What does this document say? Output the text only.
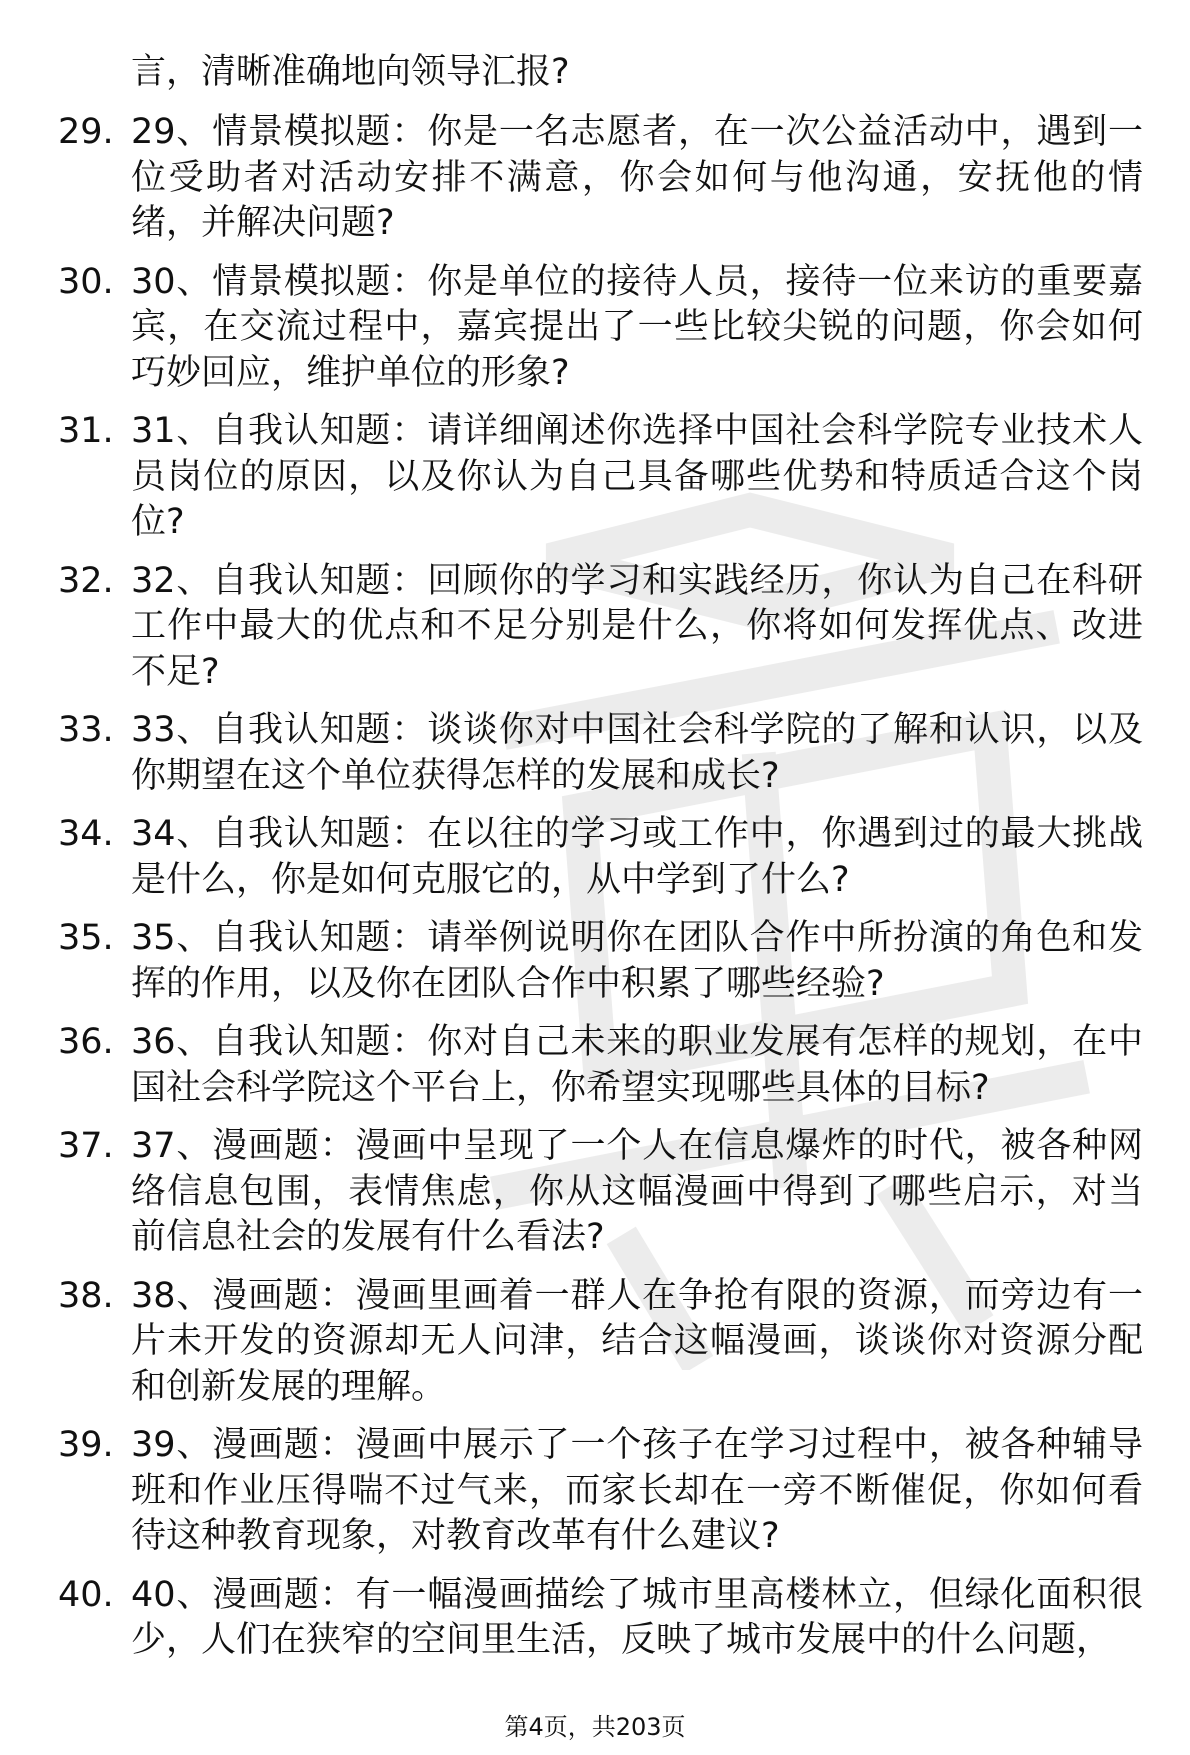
言，清晰准确地向领导汇报?
29. 29、情景模拟题：你是一名志愿者，在一次公益活动中，遇到一位受助者对活动安排不满意，你会如何与他沟通，安抚他的情绪，并解决问题?
30. 30、情景模拟题：你是单位的接待人员，接待一位来访的重要嘉宾，在交流过程中，嘉宾提出了一些比较尖锐的问题，你会如何巧妙回应，维护单位的形象?
31. 31、自我认知题：请详细阐述你选择中国社会科学院专业技术人员岗位的原因，以及你认为自己具备哪些优势和特质适合这个岗位?
32. 32、自我认知题：回顾你的学习和实践经历，你认为自己在科研工作中最大的优点和不足分别是什么，你将如何发挥优点、改进不足?
33. 33、自我认知题：谈谈你对中国社会科学院的了解和认识，以及你期望在这个单位获得怎样的发展和成长?
34. 34、自我认知题：在以往的学习或工作中，你遇到过的最大挑战是什么，你是如何克服它的，从中学到了什么?
35. 35、自我认知题：请举例说明你在团队合作中所扮演的角色和发挥的作用，以及你在团队合作中积累了哪些经验?
36. 36、自我认知题：你对自己未来的职业发展有怎样的规划，在中国社会科学院这个平台上，你希望实现哪些具体的目标?
37. 37、漫画题：漫画中呈现了一个人在信息爆炸的时代，被各种网络信息包围，表情焦虑，你从这幅漫画中得到了哪些启示，对当前信息社会的发展有什么看法?
38. 38、漫画题：漫画里画着一群人在争抢有限的资源，而旁边有一片未开发的资源却无人问津，结合这幅漫画，谈谈你对资源分配和创新发展的理解。
39. 39、漫画题：漫画中展示了一个孩子在学习过程中，被各种辅导班和作业压得喘不过气来，而家长却在一旁不断催促，你如何看待这种教育现象，对教育改革有什么建议?
40. 40、漫画题：有一幅漫画描绘了城市里高楼林立，但绿化面积很少，人们在狭窄的空间里生活，反映了城市发展中的什么问题，
第4页，共203页
